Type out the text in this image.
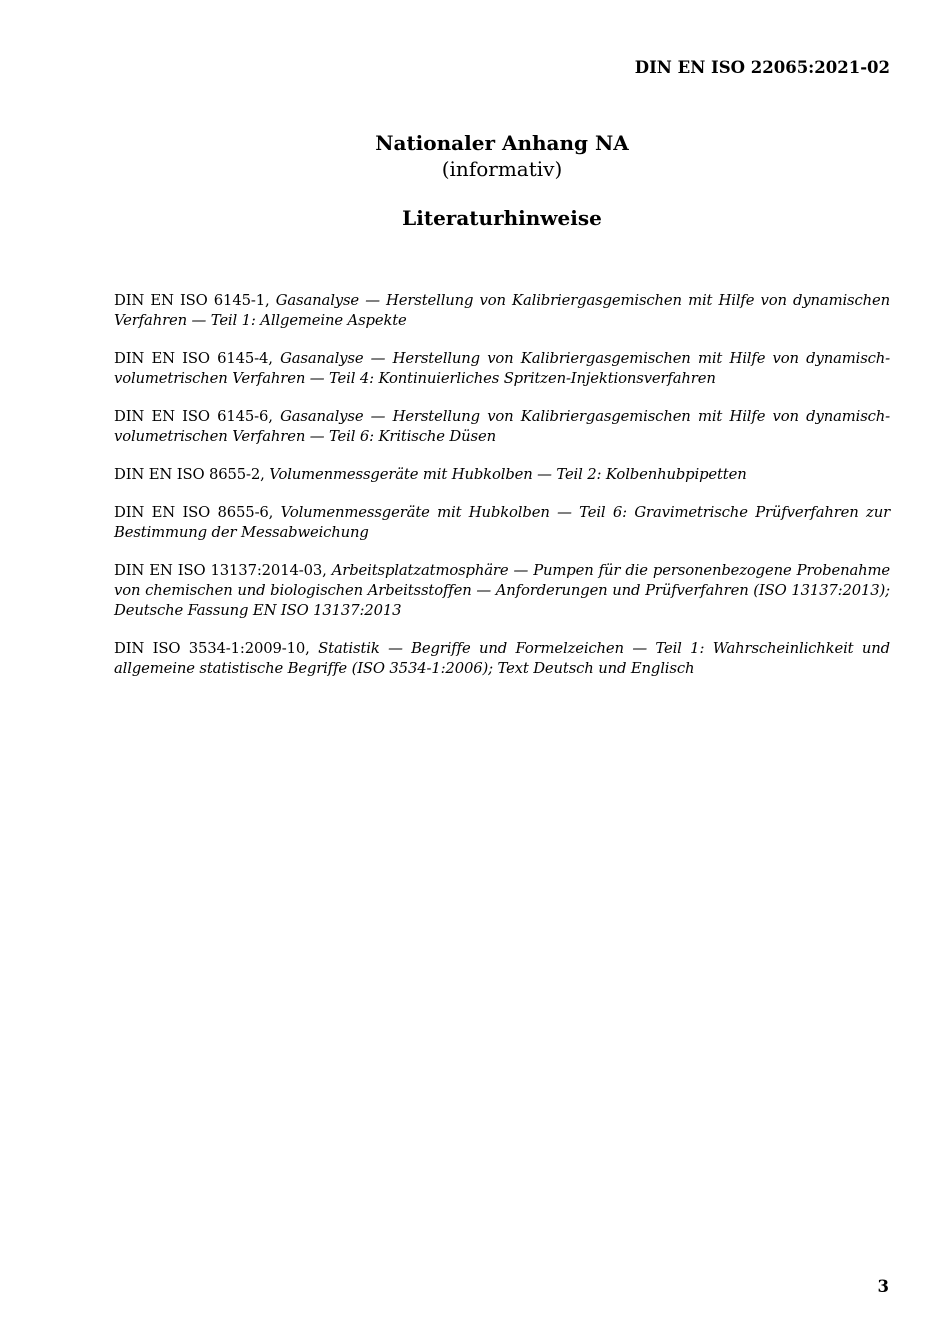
DIN EN ISO 22065:2021-02
Nationaler Anhang NA
(informativ)
Literaturhinweise
DIN EN ISO 6145-1, Gasanalyse — Herstellung von Kalibriergasgemischen mit Hilfe von dynamischen Verfahren — Teil 1: Allgemeine Aspekte
DIN EN ISO 6145-4, Gasanalyse — Herstellung von Kalibriergasgemischen mit Hilfe von dynamisch-volumetrischen Verfahren — Teil 4: Kontinuierliches Spritzen-Injektionsverfahren
DIN EN ISO 6145-6, Gasanalyse — Herstellung von Kalibriergasgemischen mit Hilfe von dynamisch-volumetrischen Verfahren — Teil 6: Kritische Düsen
DIN EN ISO 8655-2, Volumenmessgeräte mit Hubkolben — Teil 2: Kolbenhubpipetten
DIN EN ISO 8655-6, Volumenmessgeräte mit Hubkolben — Teil 6: Gravimetrische Prüfverfahren zur Bestimmung der Messabweichung
DIN EN ISO 13137:2014-03, Arbeitsplatzatmosphäre — Pumpen für die personenbezogene Probenahme von chemischen und biologischen Arbeitsstoffen — Anforderungen und Prüfverfahren (ISO 13137:2013); Deutsche Fassung EN ISO 13137:2013
DIN ISO 3534-1:2009-10, Statistik — Begriffe und Formelzeichen — Teil 1: Wahrscheinlichkeit und allgemeine statistische Begriffe (ISO 3534-1:2006); Text Deutsch und Englisch
3
